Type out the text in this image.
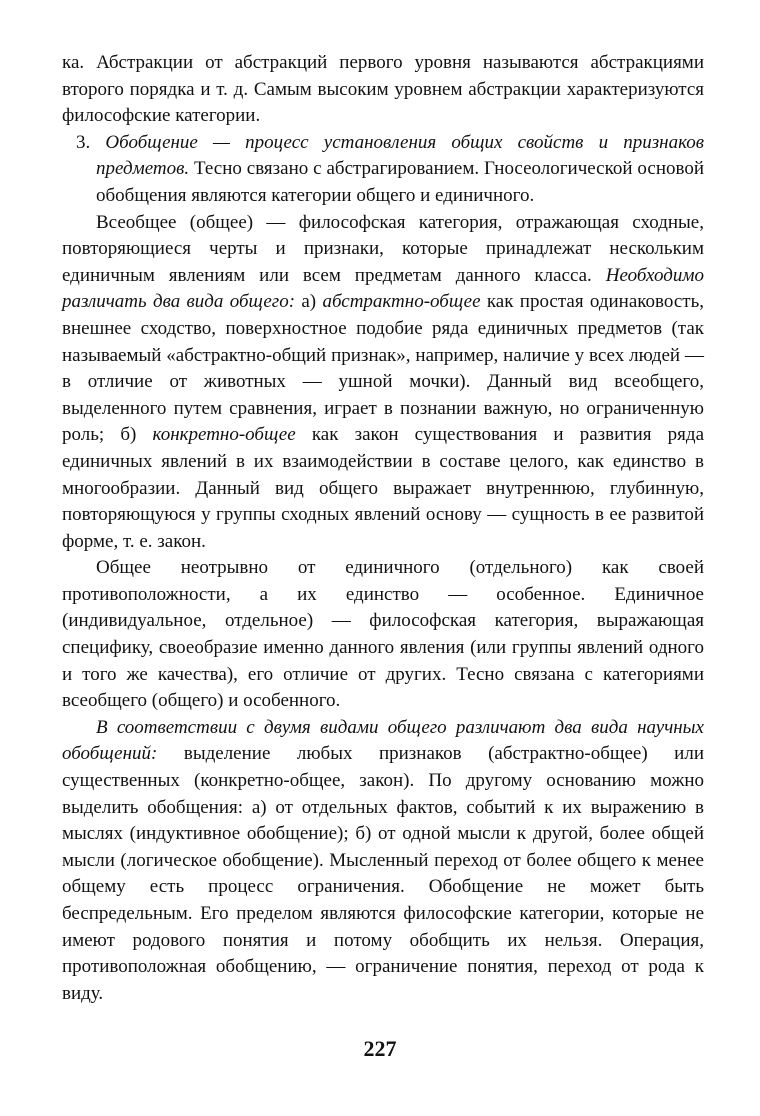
ка. Абстракции от абстракций первого уровня называются абстракциями второго порядка и т. д. Самым высоким уровнем абстракции характеризуются философские категории.

3. Обобщение — процесс установления общих свойств и признаков предметов. Тесно связано с абстрагированием. Гносеологической основой обобщения являются категории общего и единичного.

Всеобщее (общее) — философская категория, отражающая сходные, повторяющиеся черты и признаки, которые принадлежат нескольким единичным явлениям или всем предметам данного класса. Необходимо различать два вида общего: а) абстрактно-общее как простая одинаковость, внешнее сходство, поверхностное подобие ряда единичных предметов (так называемый «абстрактно-общий признак», например, наличие у всех людей — в отличие от животных — ушной мочки). Данный вид всеобщего, выделенного путем сравнения, играет в познании важную, но ограниченную роль; б) конкретно-общее как закон существования и развития ряда единичных явлений в их взаимодействии в составе целого, как единство в многообразии. Данный вид общего выражает внутреннюю, глубинную, повторяющуюся у группы сходных явлений основу — сущность в ее развитой форме, т. е. закон.

Общее неотрывно от единичного (отдельного) как своей противоположности, а их единство — особенное. Единичное (индивидуальное, отдельное) — философская категория, выражающая специфику, своеобразие именно данного явления (или группы явлений одного и того же качества), его отличие от других. Тесно связана с категориями всеобщего (общего) и особенного.

В соответствии с двумя видами общего различают два вида научных обобщений: выделение любых признаков (абстрактно-общее) или существенных (конкретно-общее, закон). По другому основанию можно выделить обобщения: а) от отдельных фактов, событий к их выражению в мыслях (индуктивное обобщение); б) от одной мысли к другой, более общей мысли (логическое обобщение). Мысленный переход от более общего к менее общему есть процесс ограничения. Обобщение не может быть беспредельным. Его пределом являются философские категории, которые не имеют родового понятия и потому обобщить их нельзя. Операция, противоположная обобщению, — ограничение понятия, переход от рода к виду.

227
